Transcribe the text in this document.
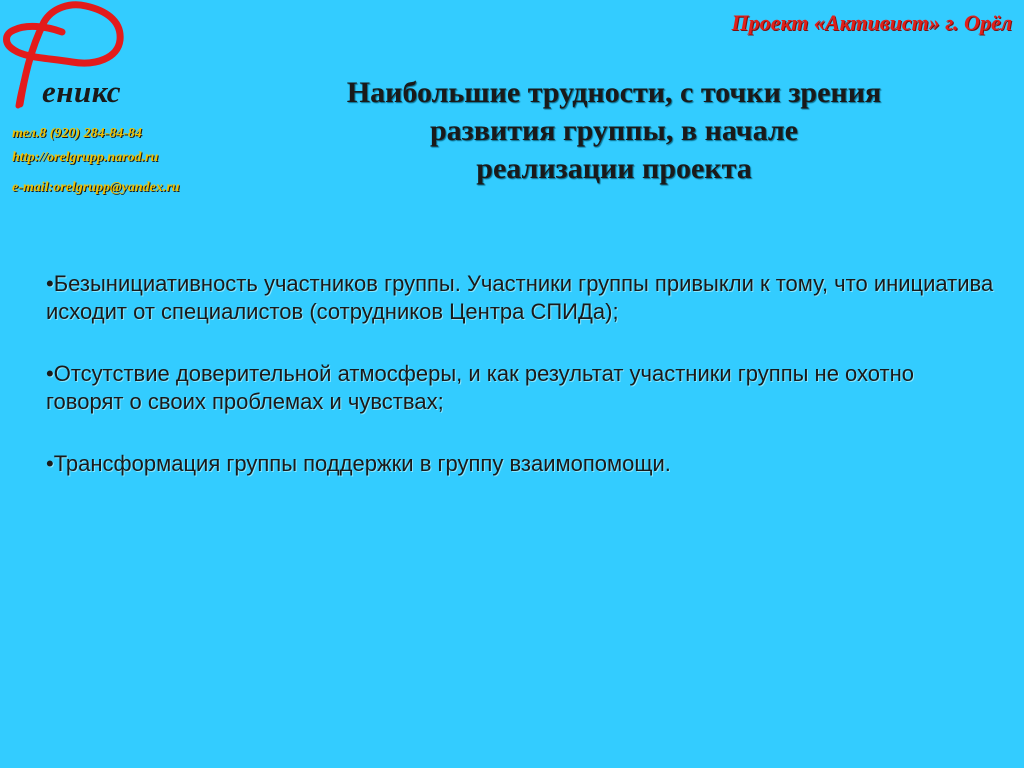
еникс
тел.8 (920) 284-84-84
http://orelgrupp.narod.ru
e-mail:orelgrupp@yandex.ru
Проект «Активист» г. Орёл
Наибольшие трудности, с точки зрения
развития группы, в начале
реализации проекта
•Безынициативность участников группы. Участники группы привыкли к тому, что инициатива исходит от специалистов (сотрудников Центра СПИДа);
•Отсутствие доверительной атмосферы, и как результат участники группы не охотно говорят о своих проблемах и чувствах;
•Трансформация группы поддержки в группу взаимопомощи.
